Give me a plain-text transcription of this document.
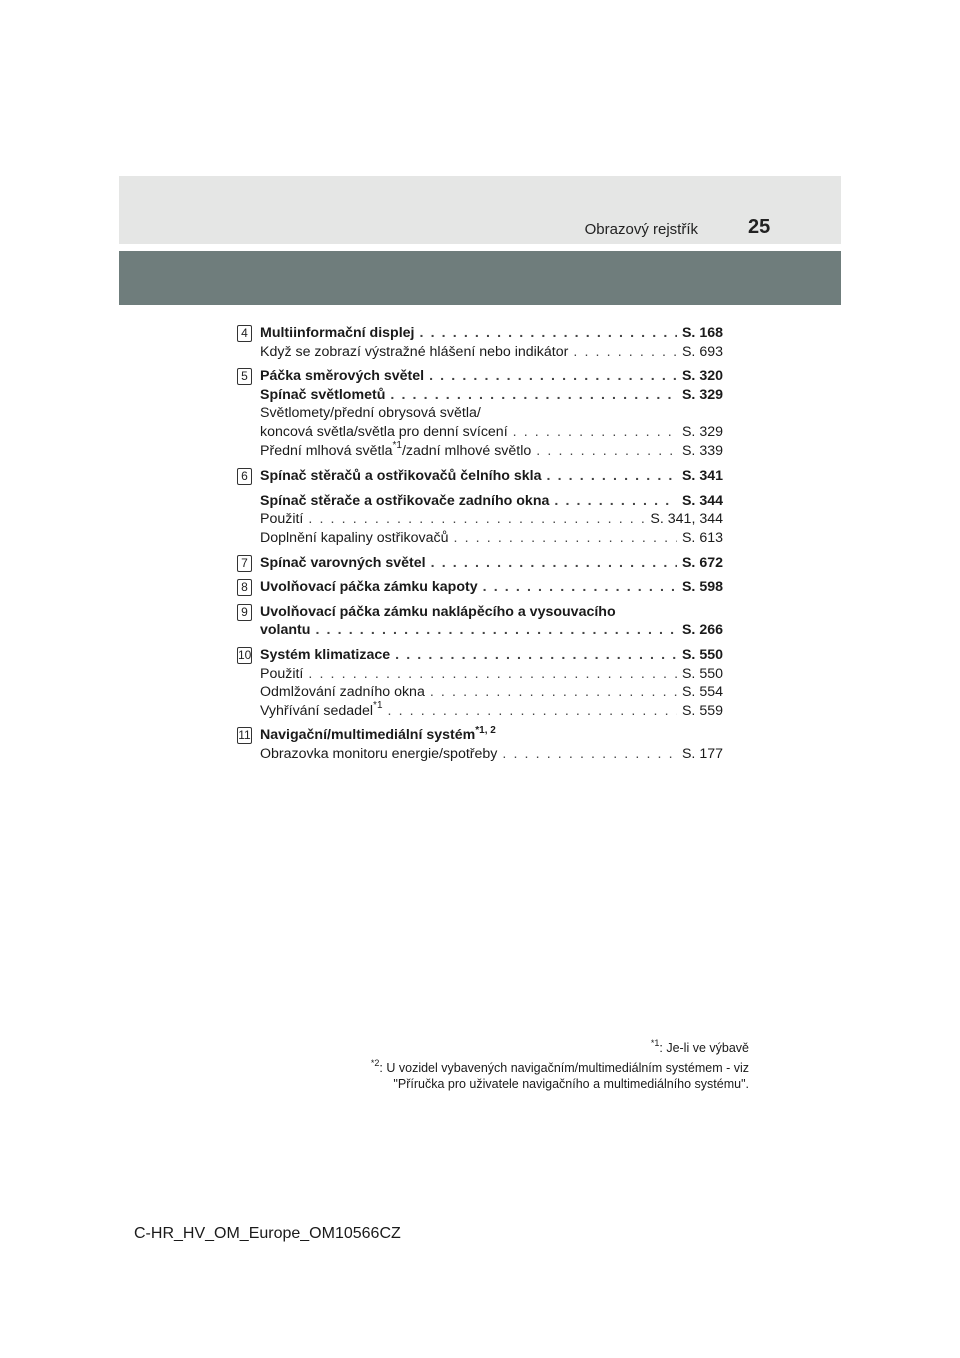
Obrazový rejstřík	25
4 Multiinformační displej . . .	S. 168
Když se zobrazí výstražné hlášení nebo indikátor . . .	S. 693
5 Páčka směrových světel . . .	S. 320
Spínač světlometů . . .	S. 329
Světlomety/přední obrysová světla/
koncová světla/světla pro denní svícení . . .	S. 329
Přední mlhová světla$^{*1}$/zadní mlhové světlo . . .	S. 339
6 Spínač stěračů a ostřikovačů čelního skla . . .	S. 341
Spínač stěrače a ostřikovače zadního okna . . .	S. 344
Použití . . .	S. 341, 344
Doplnění kapaliny ostřikovačů . . .	S. 613
7 Spínač varovných světel . . .	S. 672
8 Uvolňovací páčka zámku kapoty . . .	S. 598
9 Uvolňovací páčka zámku naklápěcího a vysouvacího
volantu . . .	S. 266
10 Systém klimatizace . . .	S. 550
Použití . . .	S. 550
Odmlžování zadního okna . . .	S. 554
Vyhřívání sedadel$^{*1}$ . . .	S. 559
11 Navigační/multimediální systém$^{*1, 2}$
Obrazovka monitoru energie/spotřeby . . .	S. 177
$^{*1}$: Je-li ve výbavě
$^{*2}$: U vozidel vybavených navigačním/multimediálním systémem - viz
"Příručka pro uživatele navigačního a multimediálního systému".
C-HR_HV_OM_Europe_OM10566CZ
